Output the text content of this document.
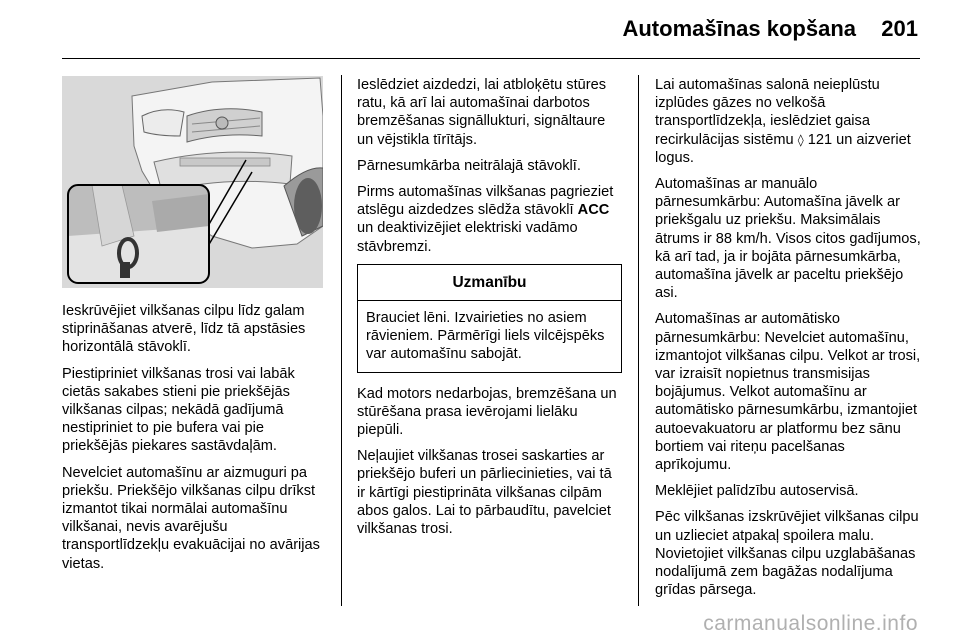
Automašīnas kopšana 201

Ieskrūvējiet vilkšanas cilpu līdz galam stiprināšanas atverē, līdz tā apstāsies horizontālā stāvoklī.

Piestipriniet vilkšanas trosi vai labāk cietās sakabes stieni pie priekšējās vilkšanas cilpas; nekādā gadījumā nestipriniet to pie bufera vai pie priekšējās piekares sastāvdaļām.

Nevelciet automašīnu ar aizmuguri pa priekšu. Priekšējo vilkšanas cilpu drīkst izmantot tikai normālai automašīnu vilkšanai, nevis avarējušu transportlīdzekļu evakuācijai no avārijas vietas.

Ieslēdziet aizdedzi, lai atbloķētu stūres ratu, kā arī lai automašīnai darbotos bremzēšanas signāllukturi, signāltaure un vējstikla tīrītājs.

Pārnesumkārba neitrālajā stāvoklī.

Pirms automašīnas vilkšanas pagrieziet atslēgu aizdedzes slēdža stāvoklī ACC un deaktivizējiet elektriski vadāmo stāvbremzi.

Uzmanību
Brauciet lēni. Izvairieties no asiem rāvieniem. Pārmērīgi liels vilcējspēks var automašīnu sabojāt.

Kad motors nedarbojas, bremzēšana un stūrēšana prasa ievērojami lielāku piepūli.

Neļaujiet vilkšanas trosei saskarties ar priekšējo buferi un pārliecinieties, vai tā ir kārtīgi piestiprināta vilkšanas cilpām abos galos. Lai to pārbaudītu, pavelciet vilkšanas trosi.

Lai automašīnas salonā neieplūstu izplūdes gāzes no velkošā transportlīdzekļa, ieslēdziet gaisa recirkulācijas sistēmu ◊ 121 un aizveriet logus.

Automašīnas ar manuālo pārnesumkārbu: Automašīna jāvelk ar priekšgalu uz priekšu. Maksimālais ātrums ir 88 km/h. Visos citos gadījumos, kā arī tad, ja ir bojāta pārnesumkārba, automašīna jāvelk ar paceltu priekšējo asi.

Automašīnas ar automātisko pārnesumkārbu: Nevelciet automašīnu, izmantojot vilkšanas cilpu. Velkot ar trosi, var izraisīt nopietnus transmisijas bojājumus. Velkot automašīnu ar automātisko pārnesumkārbu, izmantojiet autoevakuatoru ar platformu bez sānu bortiem vai riteņu pacelšanas aprīkojumu.

Meklējiet palīdzību autoservisā.

Pēc vilkšanas izskrūvējiet vilkšanas cilpu un uzlieciet atpakaļ spoilera malu. Novietojiet vilkšanas cilpu uzglabāšanas nodalījumā zem bagāžas nodalījuma grīdas pārsega.

carmanualsonline.info
